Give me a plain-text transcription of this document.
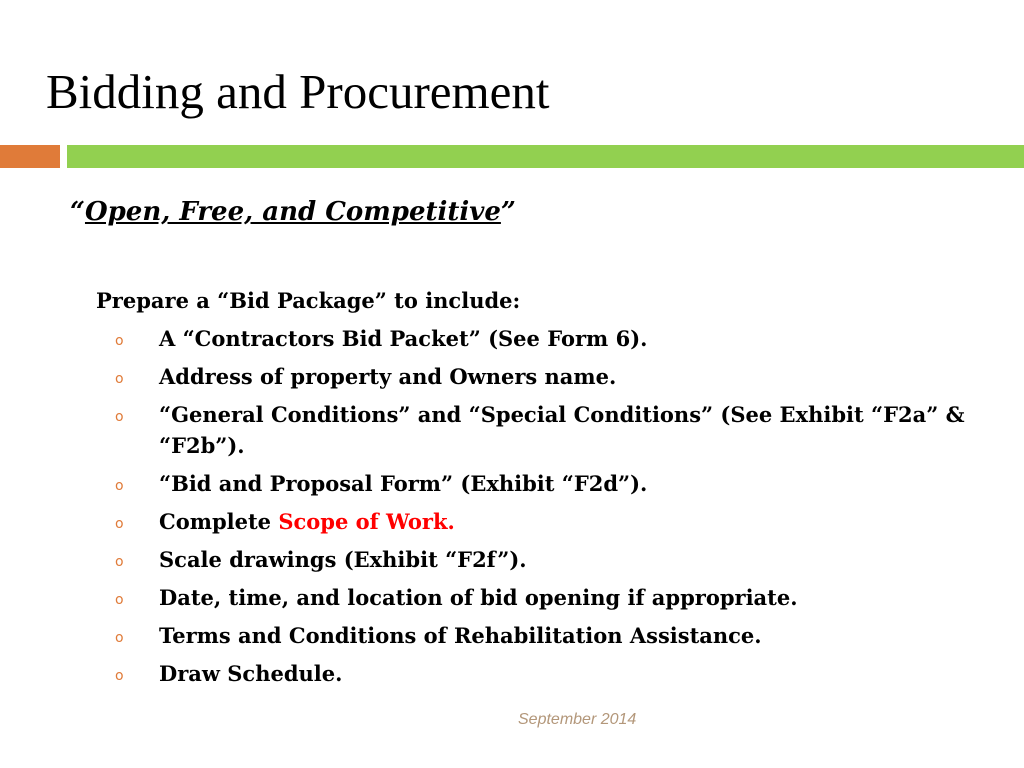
Bidding and Procurement
“Open, Free, and Competitive”
Prepare a “Bid Package” to include:
o A “Contractors Bid Packet” (See Form 6).
o Address of property and Owners name.
o “General Conditions” and “Special Conditions” (See Exhibit “F2a” & “F2b”).
o “Bid and Proposal Form” (Exhibit “F2d”).
o Complete Scope of Work.
o Scale drawings (Exhibit “F2f”).
o Date, time, and location of bid opening if appropriate.
o Terms and Conditions of Rehabilitation Assistance.
o Draw Schedule.
September 2014
